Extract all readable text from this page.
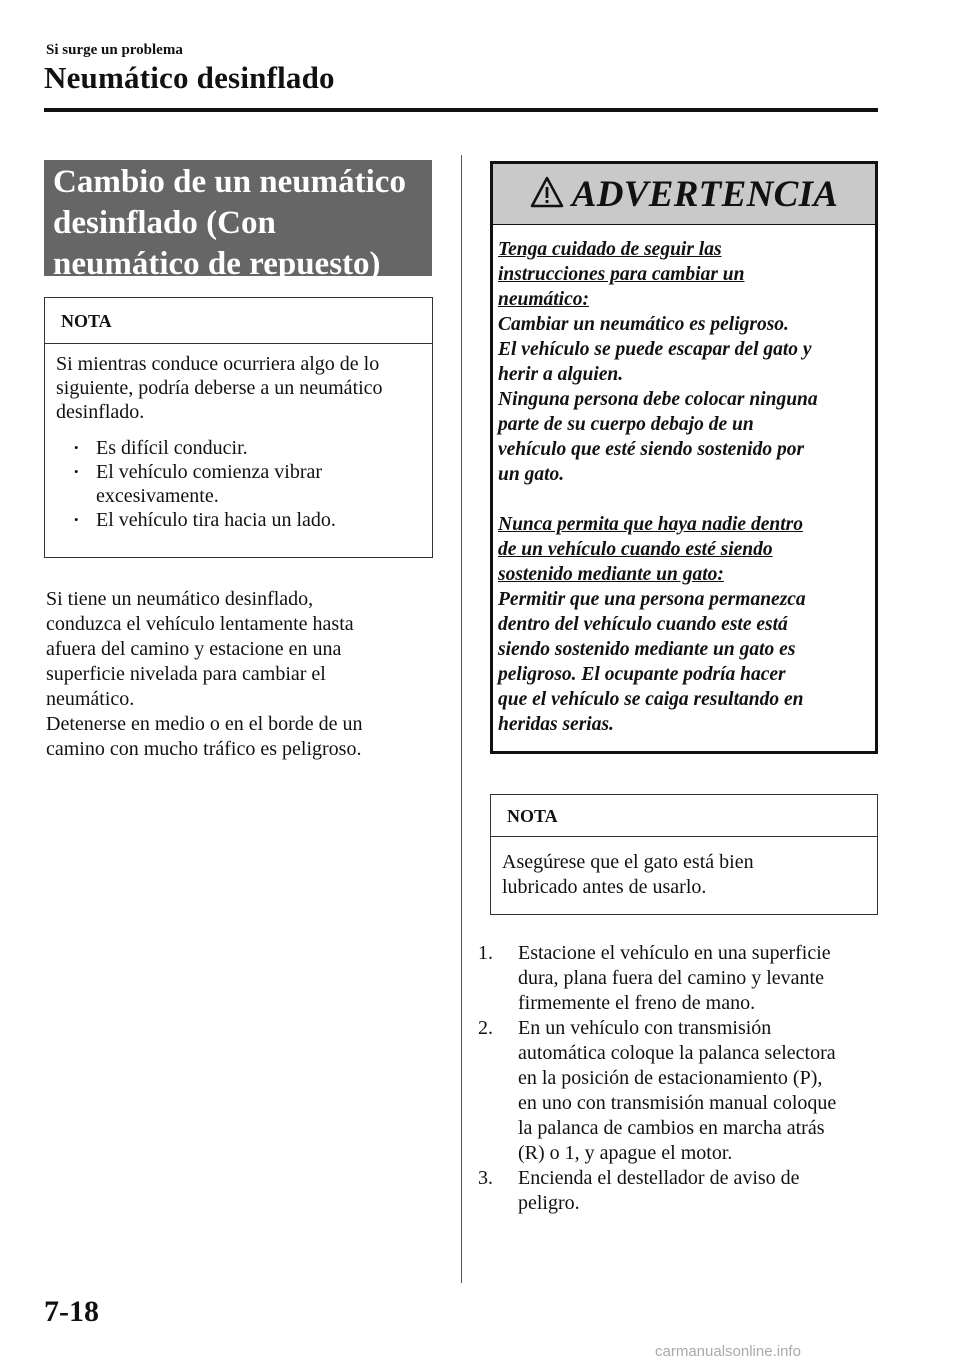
Si surge un problema
Neumático desinflado
Cambio de un neumático
desinflado (Con
neumático de repuesto)
NOTA
Si mientras conduce ocurriera algo de lo
siguiente, podría deberse a un neumático
desinflado.
• Es difícil conducir.
• El vehículo comienza vibrar
excesivamente.
• El vehículo tira hacia un lado.

Si tiene un neumático desinflado,

conduzca el vehículo lentamente hasta

afuera del camino y estacione en una

superficie nivelada para cambiar el

neumático.

Detenerse en medio o en el borde de un

camino con mucho tráfico es peligroso.

ADVERTENCIA

Tenga cuidado de seguir las

instrucciones para cambiar un

neumático:

Cambiar un neumático es peligroso.

El vehículo se puede escapar del gato y

herir a alguien.

Ninguna persona debe colocar ninguna

parte de su cuerpo debajo de un

vehículo que esté siendo sostenido por

un gato.

Nunca permita que haya nadie dentro

de un vehículo cuando esté siendo

sostenido mediante un gato:

Permitir que una persona permanezca

dentro del vehículo cuando este está

siendo sostenido mediante un gato es

peligroso. El ocupante podría hacer

que el vehículo se caiga resultando en

heridas serias.

NOTA
Asegúrese que el gato está bien
lubricado antes de usarlo.
1. Estacione el vehículo en una superficie
dura, plana fuera del camino y levante
firmemente el freno de mano.
2. En un vehículo con transmisión
automática coloque la palanca selectora
en la posición de estacionamiento (P),
en uno con transmisión manual coloque
la palanca de cambios en marcha atrás
(R) o 1, y apague el motor.
3. Encienda el destellador de aviso de
peligro.
7-18
carmanualsonline.info
